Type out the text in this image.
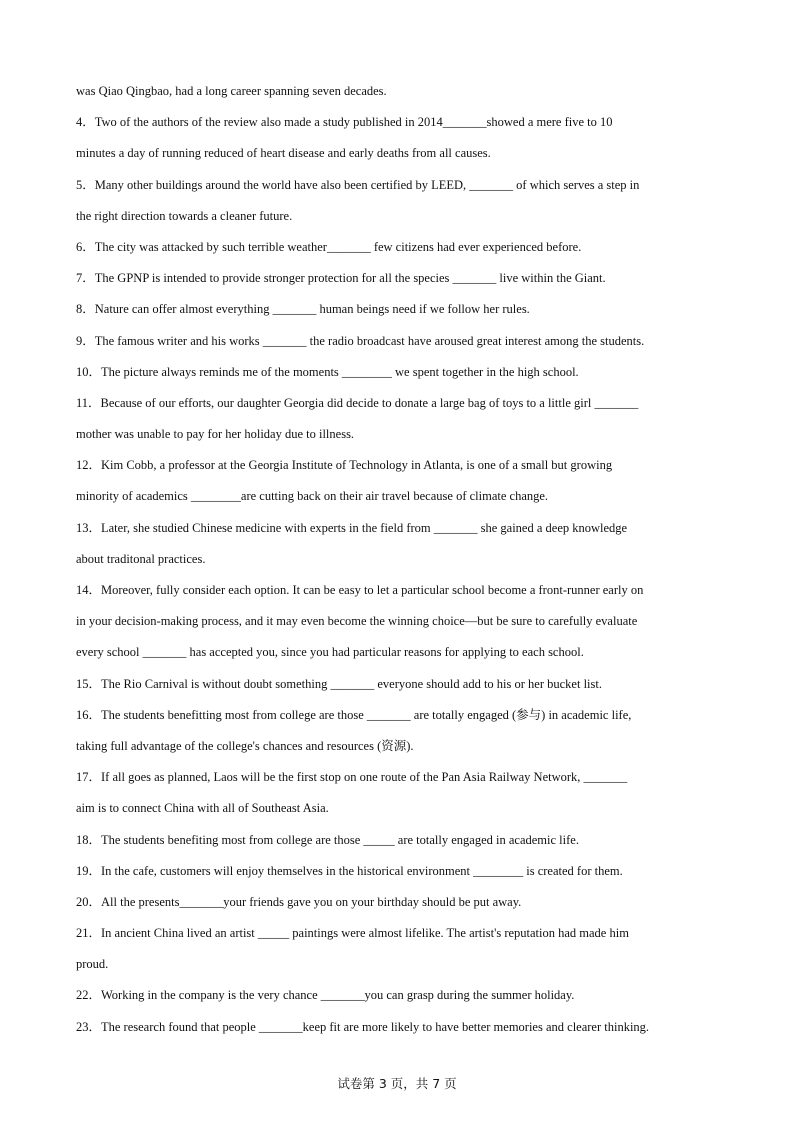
was Qiao Qingbao, had a long career spanning seven decades.
4．Two of the authors of the review also made a study published in 2014_______showed a mere five to 10
minutes a day of running reduced of heart disease and early deaths from all causes.
5．Many other buildings around the world have also been certified by LEED, _______ of which serves a step in
the right direction towards a cleaner future.
6．The city was attacked by such terrible weather_______ few citizens had ever experienced before.
7．The GPNP is intended to provide stronger protection for all the species _______ live within the Giant.
8．Nature can offer almost everything _______ human beings need if we follow her rules.
9．The famous writer and his works _______ the radio broadcast have aroused great interest among the students.
10．The picture always reminds me of the moments ________ we spent together in the high school.
11．Because of our efforts, our daughter Georgia did decide to donate a large bag of toys to a little girl _______
mother was unable to pay for her holiday due to illness.
12．Kim Cobb, a professor at the Georgia Institute of Technology in Atlanta, is one of a small but growing
minority of academics ________are cutting back on their air travel because of climate change.
13．Later, she studied Chinese medicine with experts in the field from _______ she gained a deep knowledge
about traditonal practices.
14．Moreover, fully consider each option. It can be easy to let a particular school become a front-runner early on
in your decision-making process, and it may even become the winning choice—but be sure to carefully evaluate
every school _______ has accepted you, since you had particular reasons for applying to each school.
15．The Rio Carnival is without doubt something _______ everyone should add to his or her bucket list.
16．The students benefitting most from college are those _______ are totally engaged (参与) in academic life,
taking full advantage of the college's chances and resources (资源).
17．If all goes as planned, Laos will be the first stop on one route of the Pan Asia Railway Network, _______
aim is to connect China with all of Southeast Asia.
18．The students benefiting most from college are those _____ are totally engaged in academic life.
19．In the cafe, customers will enjoy themselves in the historical environment ________ is created for them.
20．All the presents_______your friends gave you on your birthday should be put away.
21．In ancient China lived an artist _____ paintings were almost lifelike. The artist's reputation had made him
proud.
22．Working in the company is the very chance _______you can grasp during the summer holiday.
23．The research found that people _______keep fit are more likely to have better memories and clearer thinking.
试卷第 3 页，共 7 页
